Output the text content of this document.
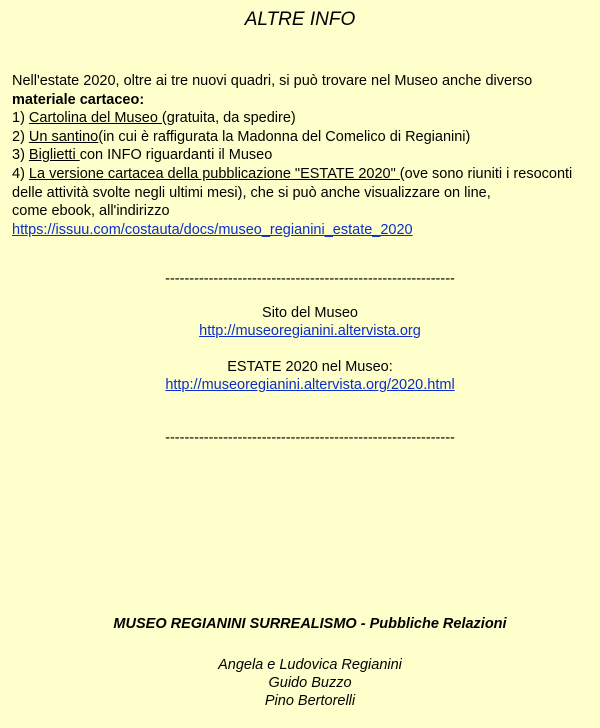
ALTRE INFO
Nell'estate 2020, oltre ai tre nuovi quadri, si può trovare nel Museo anche diverso
materiale cartaceo:
1) Cartolina del Museo (gratuita, da spedire)
2) Un santino(in cui è raffigurata la Madonna del Comelico di Regianini)
3) Biglietti con INFO riguardanti il Museo
4) La versione cartacea della pubblicazione "ESTATE 2020" (ove sono riuniti i resoconti
delle attività svolte negli ultimi mesi), che si può anche visualizzare on line,
come ebook, all'indirizzo
https://issuu.com/costauta/docs/museo_regianini_estate_2020
------------------------------------------------------------
Sito del Museo
http://museoregianini.altervista.org
ESTATE 2020 nel Museo:
http://museoregianini.altervista.org/2020.html
------------------------------------------------------------
MUSEO REGIANINI SURREALISMO - Pubbliche Relazioni
Angela e Ludovica Regianini
Guido Buzzo
Pino Bertorelli
